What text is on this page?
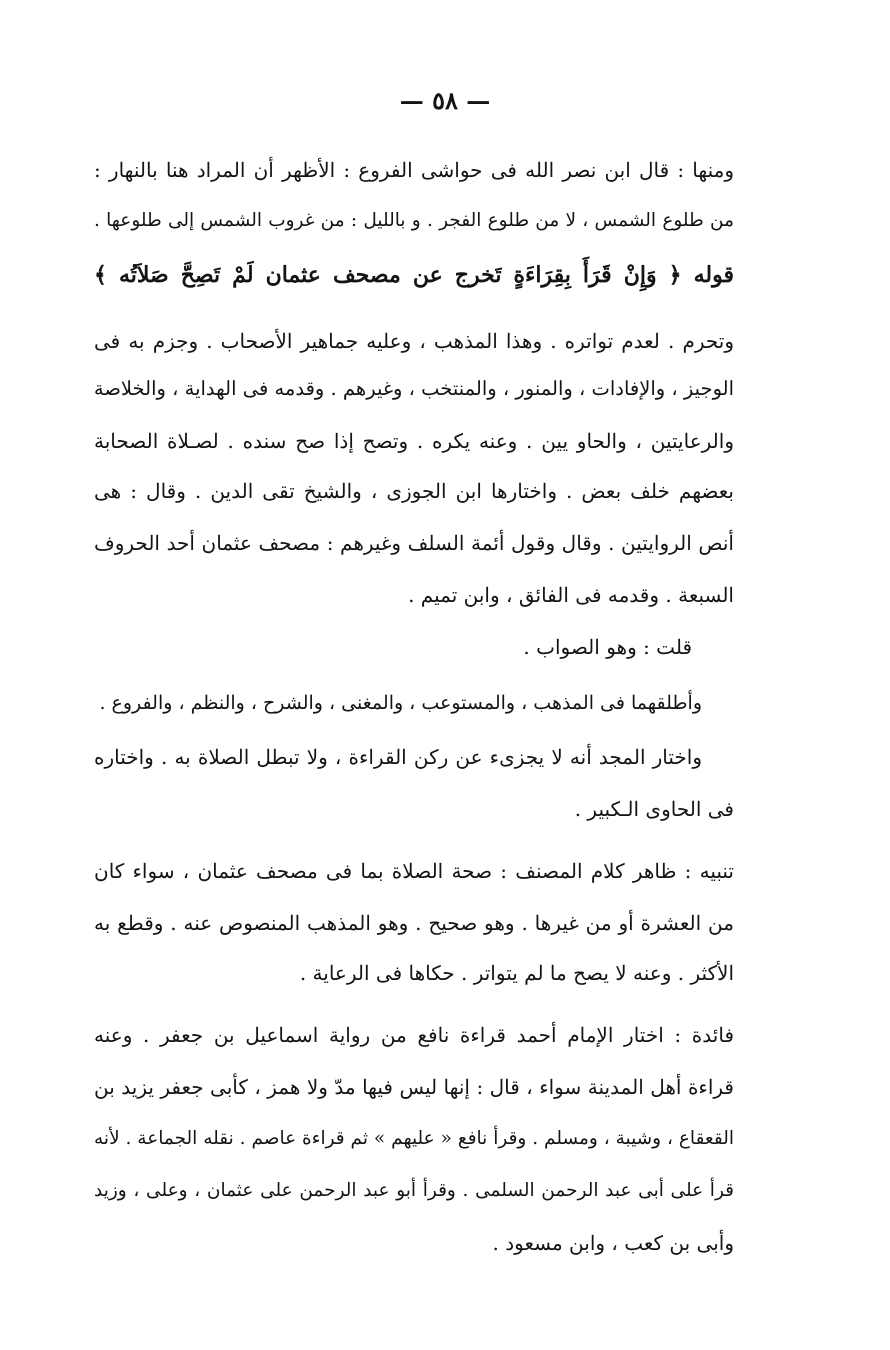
— ٥٨ —
ومنها : قال ابن نصر الله فى حواشى الفروع : الأظهر أن المراد هنا بالنهار :
من طلوع الشمس ، لا من طلوع الفجر . و بالليل : من غروب الشمس إلى طلوعها .
قوله ﴿ وَإِنْ قَرَأَ بِقِرَاءَةٍ تَخرج عن مصحف عثمان لَمْ تَصِحَّ صَلاَتُه ﴾
وتحرم . لعدم تواتره . وهذا المذهب ، وعليه جماهير الأصحاب . وجزم به فى
الوجيز ، والإفادات ، والمنور ، والمنتخب ، وغيرهم . وقدمه فى الهداية ، والخلاصة
والرعايتين ، والحاو يين . وعنه يكره . وتصح إذا صح سنده . لصـلاة الصحابة
بعضهم خلف بعض . واختارها ابن الجوزى ، والشيخ تقى الدين . وقال : هى
أنص الروايتين . وقال وقول أئمة السلف وغيرهم : مصحف عثمان أحد الحروف
السبعة . وقدمه فى الفائق ، وابن تميم .
قلت : وهو الصواب .
وأطلقهما فى المذهب ، والمستوعب ، والمغنى ، والشرح ، والنظم ، والفروع .
واختار المجد أنه لا يجزىء عن ركن القراءة ، ولا تبطل الصلاة به . واختاره
فى الحاوى الـكبير .
تنبيه : ظاهر كلام المصنف : صحة الصلاة بما فى مصحف عثمان ، سواء كان
من العشرة أو من غيرها . وهو صحيح . وهو المذهب المنصوص عنه . وقطع به
الأكثر . وعنه لا يصح ما لم يتواتر . حكاها فى الرعاية .
فائدة : اختار الإمام أحمد قراءة نافع من رواية اسماعيل بن جعفر . وعنه
قراءة أهل المدينة سواء ، قال : إنها ليس فيها مدّ ولا همز ، كأبى جعفر يزيد بن
القعقاع ، وشيبة ، ومسلم . وقرأ نافع « عليهم » ثم قراءة عاصم . نقله الجماعة . لأنه
قرأ على أبى عبد الرحمن السلمى . وقرأ أبو عبد الرحمن على عثمان ، وعلى ، وزيد
وأبى بن كعب ، وابن مسعود .
